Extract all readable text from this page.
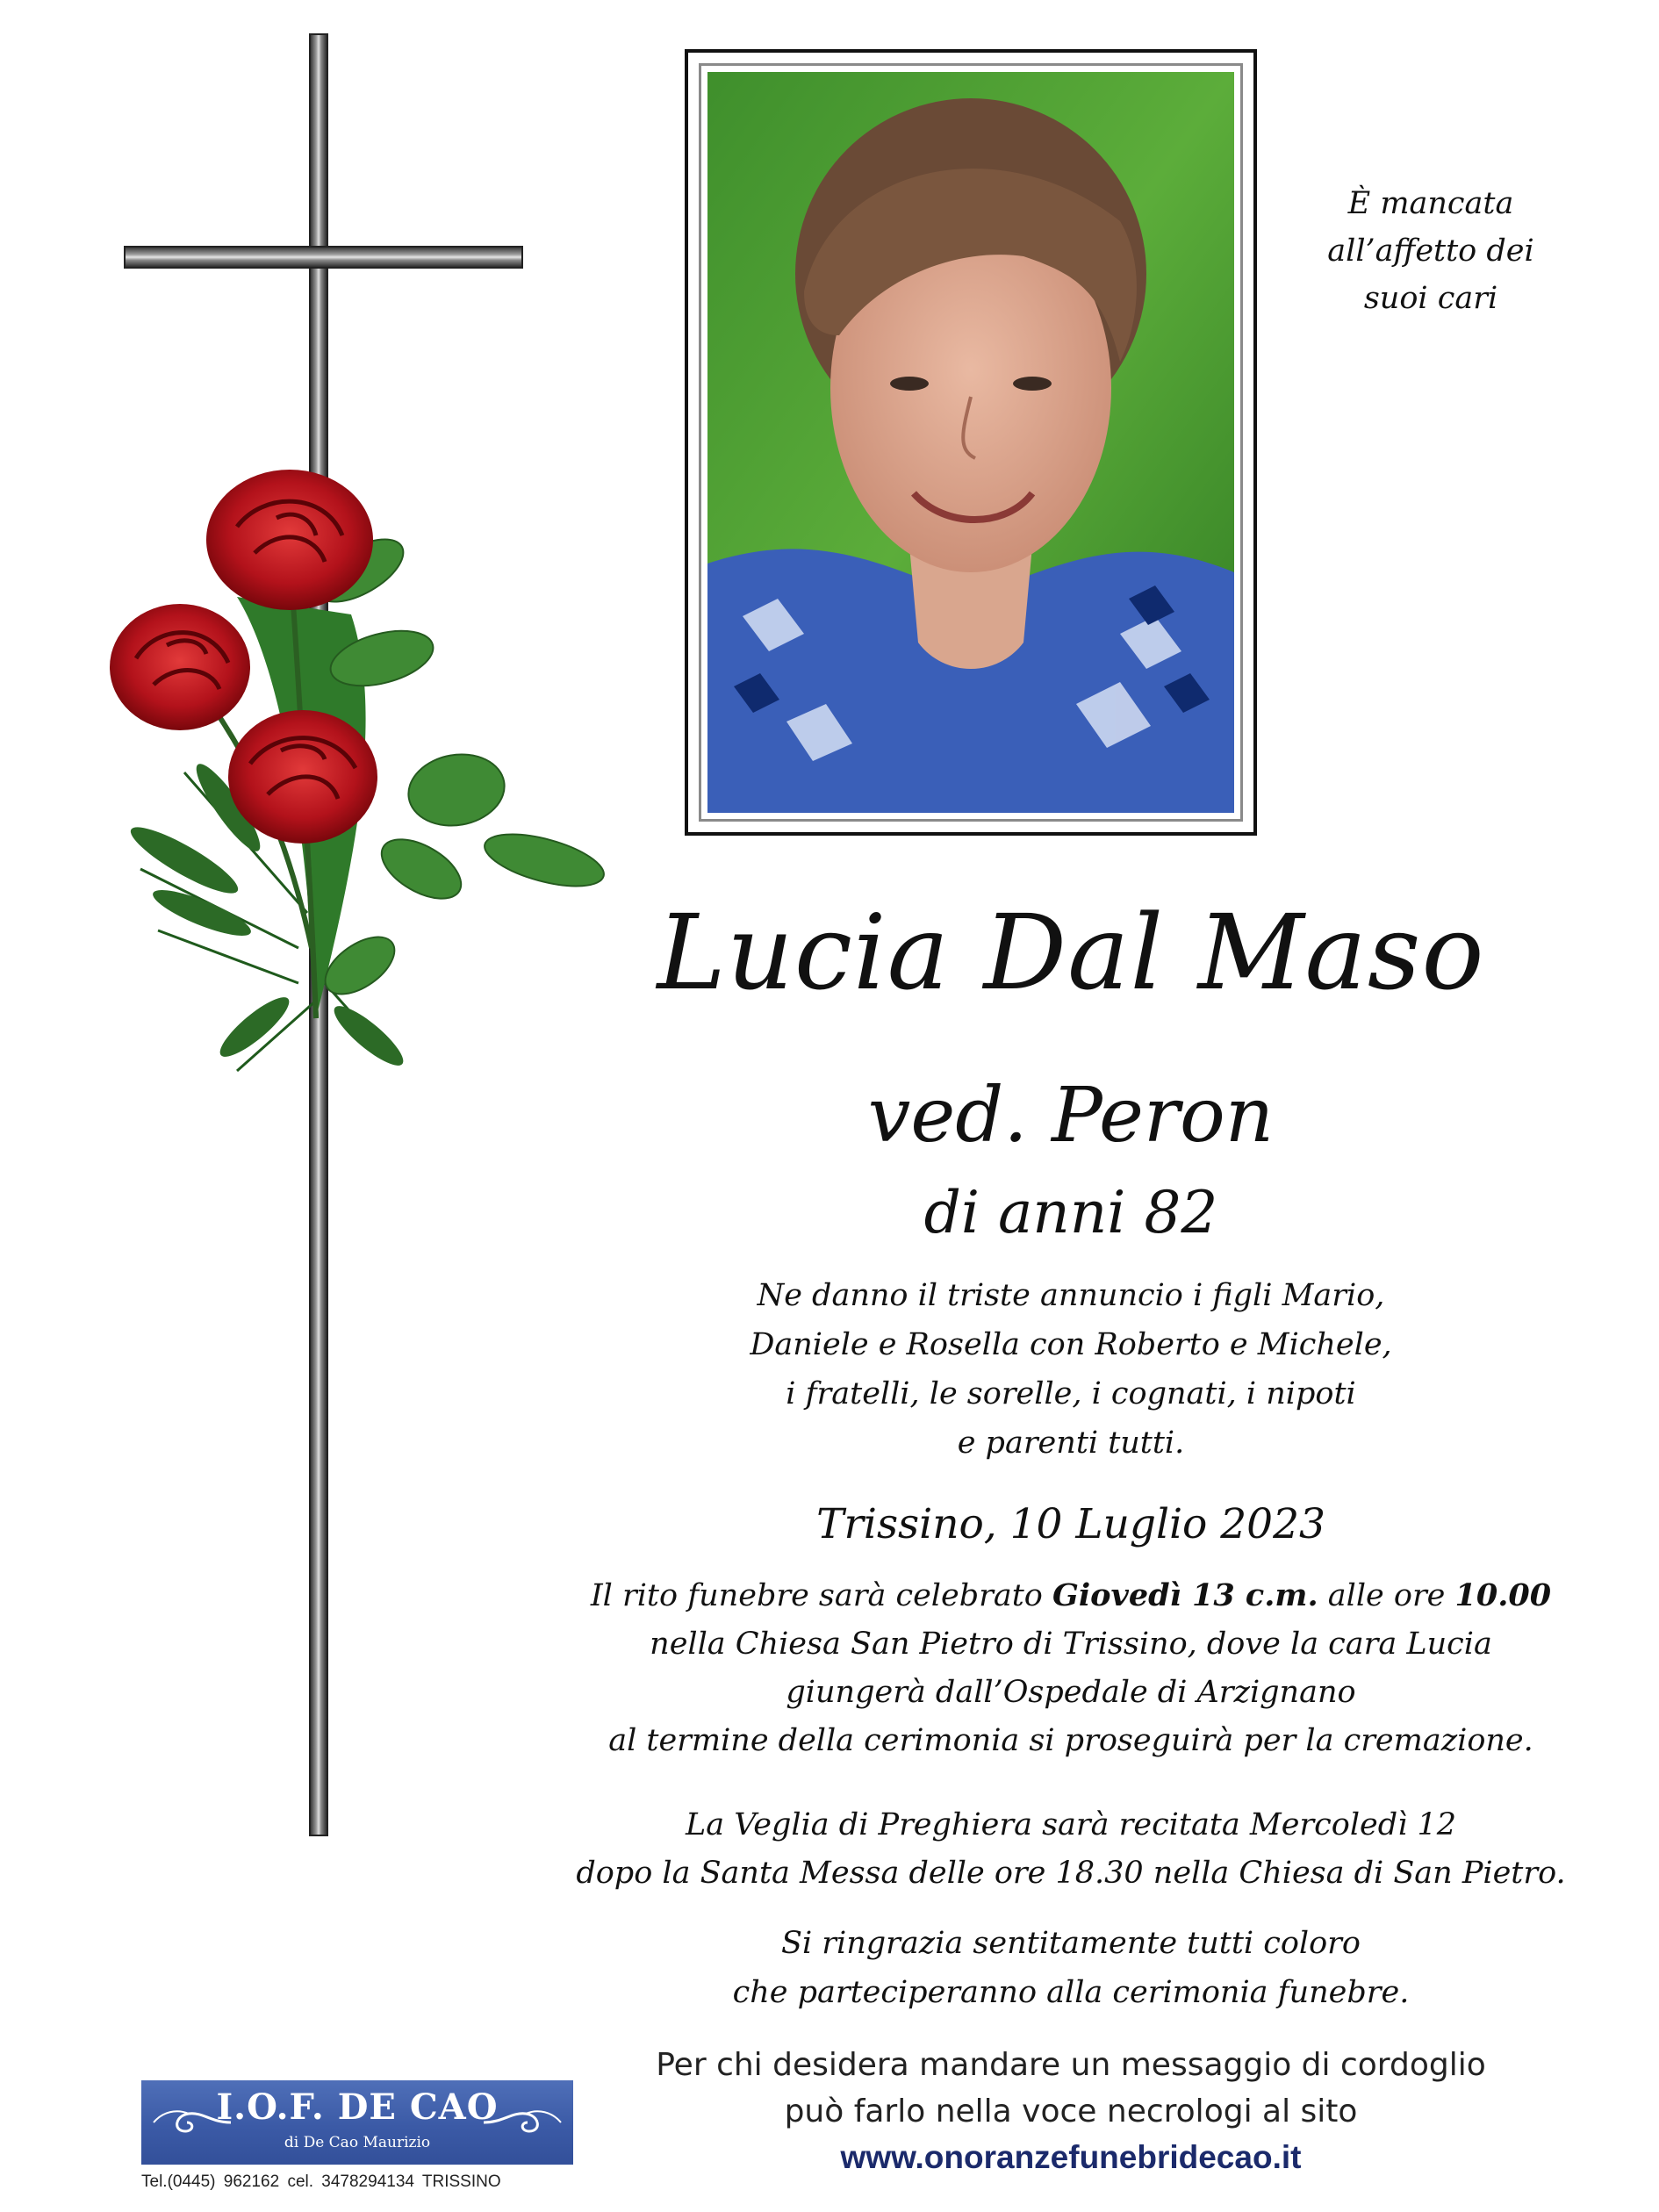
È mancata
all’affetto dei
suoi cari
Lucia Dal Maso
ved. Peron
di anni 82
Ne danno il triste annuncio i figli Mario,
Daniele e Rosella con Roberto e Michele,
i fratelli, le sorelle, i cognati, i nipoti
e parenti tutti.
Trissino, 10 Luglio 2023
Il rito funebre sarà celebrato Giovedì 13 c.m. alle ore 10.00
nella Chiesa San Pietro di Trissino, dove la cara Lucia
giungerà dall’Ospedale di Arzignano
al termine della cerimonia si proseguirà per la cremazione.
La Veglia di Preghiera sarà recitata Mercoledì 12
dopo la Santa Messa delle ore 18.30 nella Chiesa di San Pietro.
Si ringrazia sentitamente tutti coloro
che parteciperanno alla cerimonia funebre.
Per chi desidera mandare un messaggio di cordoglio
può farlo nella voce necrologi al sito
www.onoranzefunebridecao.it
I.O.F. DE CAO
di De Cao Maurizio
Tel.(0445) 962162 cel. 3478294134 TRISSINO
